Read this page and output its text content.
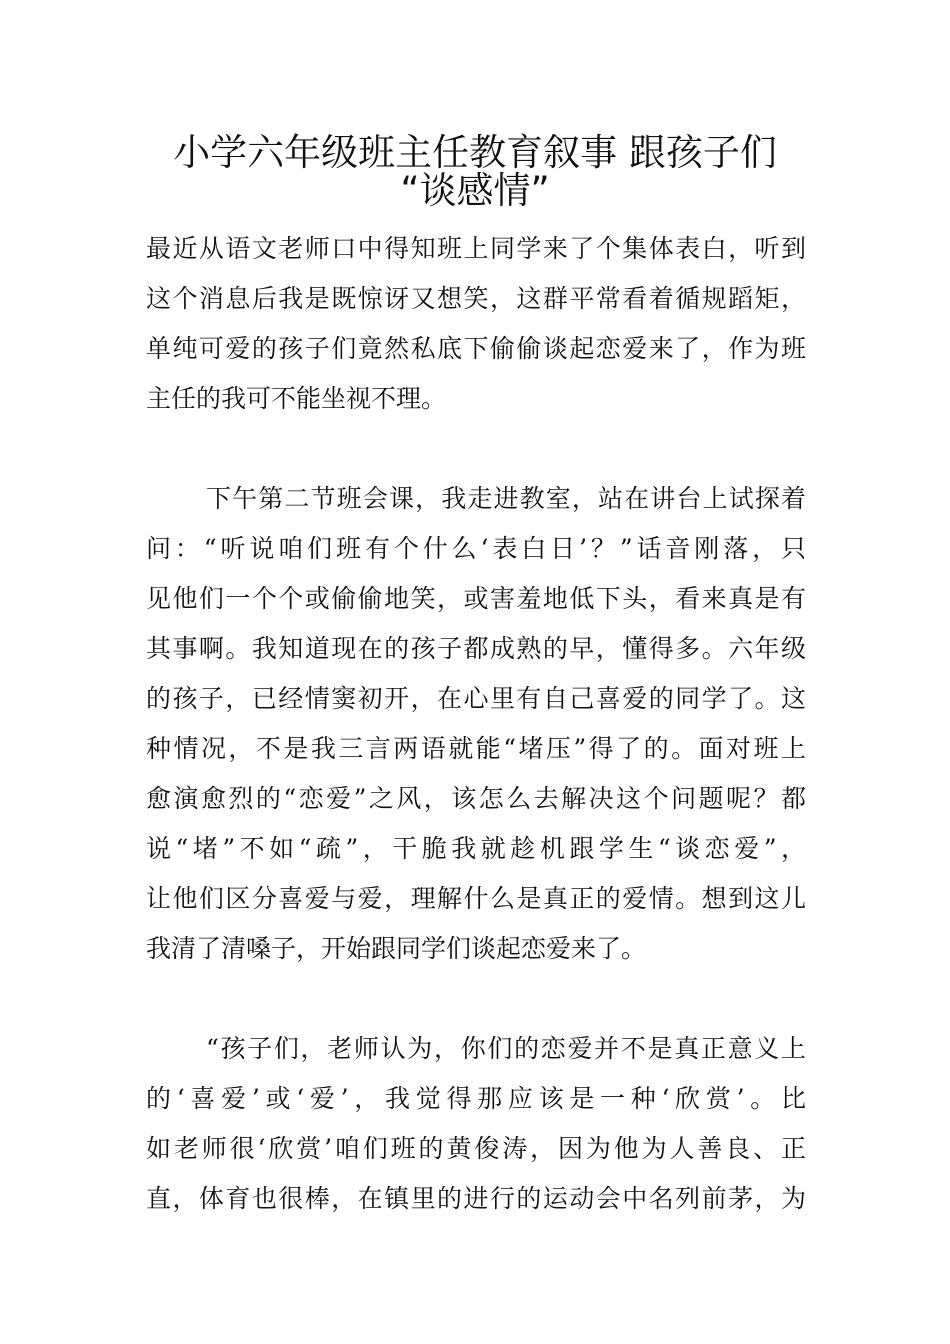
小学六年级班主任教育叙事 跟孩子们
“谈感情”

最近从语文老师口中得知班上同学来了个集体表白，听到

这个消息后我是既惊讶又想笑，这群平常看着循规蹈矩，

单纯可爱的孩子们竟然私底下偷偷谈起恋爱来了，作为班

主任的我可不能坐视不理。

下午第二节班会课，我走进教室，站在讲台上试探着

问：“听说咱们班有个什么‘表白日’？”话音刚落，只

见他们一个个或偷偷地笑，或害羞地低下头，看来真是有

其事啊。我知道现在的孩子都成熟的早，懂得多。六年级

的孩子，已经情窦初开，在心里有自己喜爱的同学了。这

种情况，不是我三言两语就能“堵压”得了的。面对班上

愈演愈烈的“恋爱”之风，该怎么去解决这个问题呢？都

说“堵”不如“疏”，干脆我就趁机跟学生“谈恋爱”，

让他们区分喜爱与爱，理解什么是真正的爱情。想到这儿

我清了清嗓子，开始跟同学们谈起恋爱来了。

“孩子们，老师认为，你们的恋爱并不是真正意义上

的‘喜爱’或‘爱’，我觉得那应该是一种‘欣赏’。比

如老师很‘欣赏’咱们班的黄俊涛，因为他为人善良、正

直，体育也很棒，在镇里的进行的运动会中名列前茅，为
